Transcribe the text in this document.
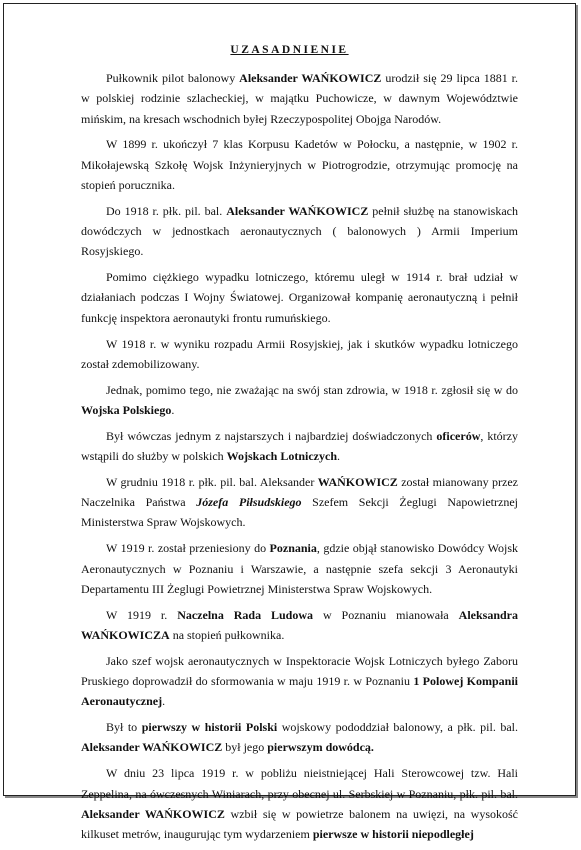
UZASADNIENIE

Pułkownik pilot balonowy Aleksander WAŃKOWICZ urodził się 29 lipca 1881 r. w polskiej rodzinie szlacheckiej, w majątku Puchowicze, w dawnym Województwie mińskim, na kresach wschodnich byłej Rzeczypospolitej Obojga Narodów.

W 1899 r. ukończył 7 klas Korpusu Kadetów w Połocku, a następnie, w 1902 r. Mikołajewską Szkołę Wojsk Inżynieryjnych w Piotrogrodzie, otrzymując promocję na stopień porucznika.

Do 1918 r. płk. pil. bal. Aleksander WAŃKOWICZ pełnił służbę na stanowiskach dowódczych w jednostkach aeronautycznych ( balonowych ) Armii Imperium Rosyjskiego.

Pomimo ciężkiego wypadku lotniczego, któremu uległ w 1914 r. brał udział w działaniach podczas I Wojny Światowej. Organizował kompanię aeronautyczną i pełnił funkcję inspektora aeronautyki frontu rumuńskiego.

W 1918 r. w wyniku rozpadu Armii Rosyjskiej, jak i skutków wypadku lotniczego został zdemobilizowany.

Jednak, pomimo tego, nie zważając na swój stan zdrowia, w 1918 r. zgłosił się w do Wojska Polskiego.

Był wówczas jednym z najstarszych i najbardziej doświadczonych oficerów, którzy wstąpili do służby w polskich Wojskach Lotniczych.

W grudniu 1918 r. płk. pil. bal. Aleksander WAŃKOWICZ został mianowany przez Naczelnika Państwa Józefa Piłsudskiego Szefem Sekcji Żeglugi Napowietrznej Ministerstwa Spraw Wojskowych.

W 1919 r. został przeniesiony do Poznania, gdzie objął stanowisko Dowódcy Wojsk Aeronautycznych w Poznaniu i Warszawie, a następnie szefa sekcji 3 Aeronautyki Departamentu III Żeglugi Powietrznej Ministerstwa Spraw Wojskowych.

W 1919 r. Naczelna Rada Ludowa w Poznaniu mianowała Aleksandra WAŃKOWICZA na stopień pułkownika.

Jako szef wojsk aeronautycznych w Inspektoracie Wojsk Lotniczych byłego Zaboru Pruskiego doprowadził do sformowania w maju 1919 r. w Poznaniu 1 Polowej Kompanii Aeronautycznej.

Był to pierwszy w historii Polski wojskowy pododdział balonowy, a płk. pil. bal. Aleksander WAŃKOWICZ był jego pierwszym dowódcą.

W dniu 23 lipca 1919 r. w pobliżu nieistniejącej Hali Sterowcowej tzw. Hali Zeppelina, na ówczesnych Winiarach, przy obecnej ul. Serbskiej w Poznaniu, płk. pil. bal. Aleksander WAŃKOWICZ wzbił się w powietrze balonem na uwięzi, na wysokość kilkuset metrów, inaugurując tym wydarzeniem pierwsze w historii niepodległej
